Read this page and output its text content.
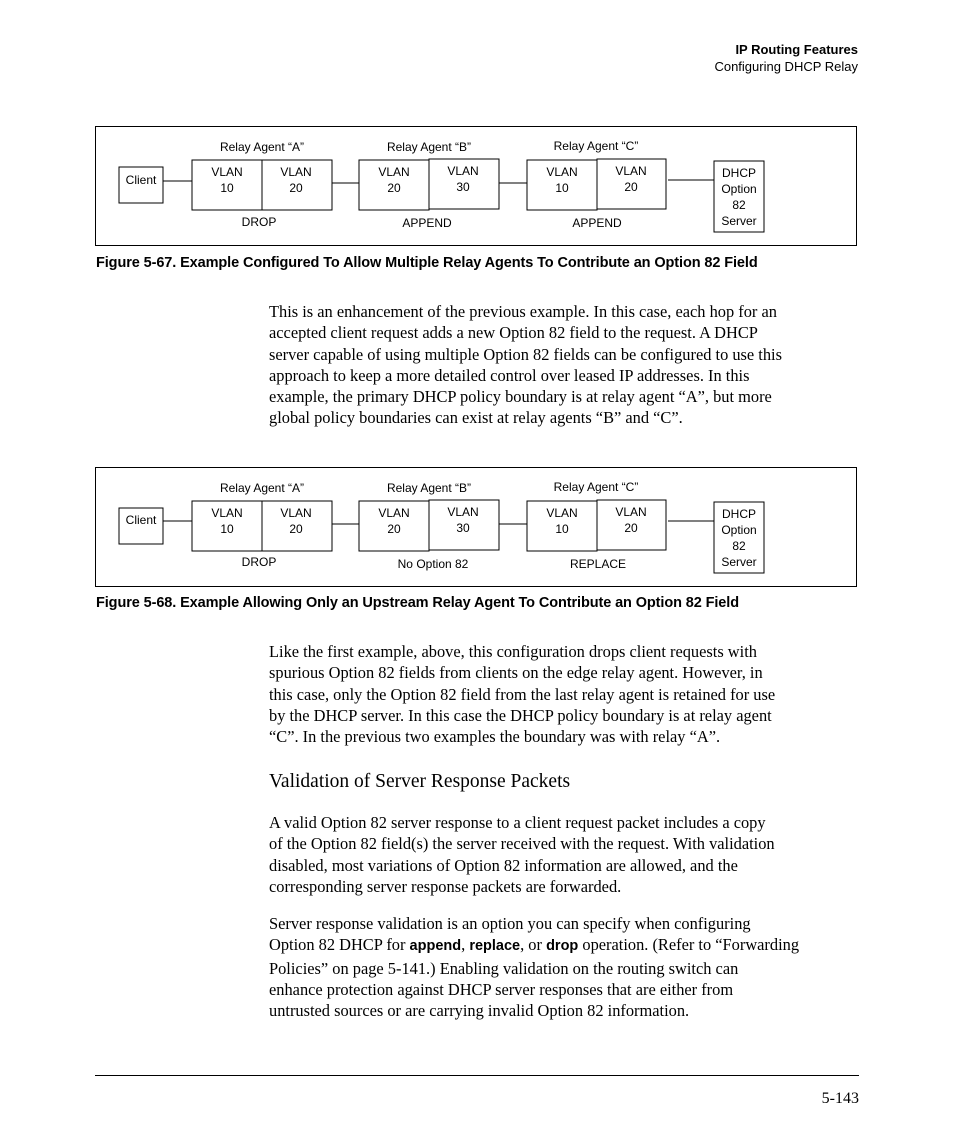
IP Routing Features
Configuring DHCP Relay
Client
Relay Agent “A”
VLAN
10
VLAN
20
DROP
Relay Agent “B”
VLAN
20
VLAN
30
APPEND
Relay Agent “C”
VLAN
10
VLAN
20
APPEND
DHCP
Option
82
Server
Figure 5-67. Example Configured To Allow Multiple Relay Agents To Contribute an Option 82 Field

This is an enhancement of the previous example. In this case, each hop for an
accepted client request adds a new Option 82 field to the request. A DHCP
server capable of using multiple Option 82 fields can be configured to use this
approach to keep a more detailed control over leased IP addresses. In this
example, the primary DHCP policy boundary is at relay agent “A”, but more
global policy boundaries can exist at relay agents “B” and “C”.

Client
Relay Agent “A”
VLAN
10
VLAN
20
DROP
Relay Agent “B”
VLAN
20
VLAN
30
No Option 82
Relay Agent “C”
VLAN
10
VLAN
20
REPLACE
DHCP
Option
82
Server
Figure 5-68. Example Allowing Only an Upstream Relay Agent To Contribute an Option 82 Field

Like the first example, above, this configuration drops client requests with
spurious Option 82 fields from clients on the edge relay agent. However, in
this case, only the Option 82 field from the last relay agent is retained for use
by the DHCP server. In this case the DHCP policy boundary is at relay agent
“C”. In the previous two examples the boundary was with relay “A”.

Validation of Server Response Packets

A valid Option 82 server response to a client request packet includes a copy
of the Option 82 field(s) the server received with the request. With validation
disabled, most variations of Option 82 information are allowed, and the
corresponding server response packets are forwarded.

Server response validation is an option you can specify when configuring
Option 82 DHCP for append, replace, or drop operation. (Refer to “Forwarding
Policies” on page 5-141.) Enabling validation on the routing switch can
enhance protection against DHCP server responses that are either from
untrusted sources or are carrying invalid Option 82 information.

5-143
